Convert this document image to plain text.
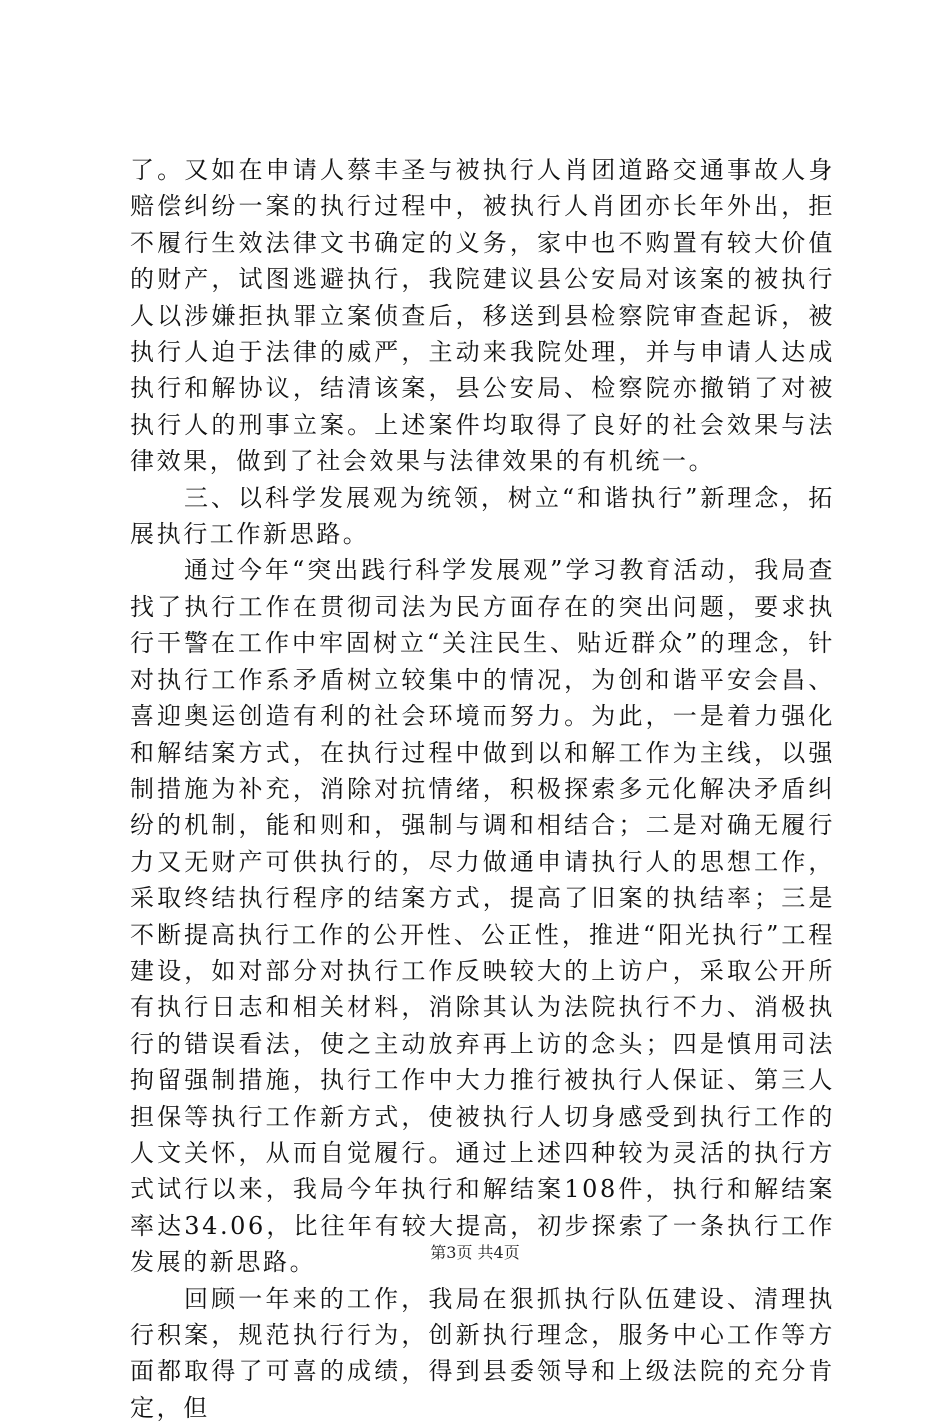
了。又如在申请人蔡丰圣与被执行人肖团道路交通事故人身赔偿纠纷一案的执行过程中，被执行人肖团亦长年外出，拒不履行生效法律文书确定的义务，家中也不购置有较大价值的财产，试图逃避执行，我院建议县公安局对该案的被执行人以涉嫌拒执罪立案侦查后，移送到县检察院审查起诉，被执行人迫于法律的威严，主动来我院处理，并与申请人达成执行和解协议，结清该案，县公安局、检察院亦撤销了对被执行人的刑事立案。上述案件均取得了良好的社会效果与法律效果，做到了社会效果与法律效果的有机统一。

三、以科学发展观为统领，树立“和谐执行”新理念，拓展执行工作新思路。

通过今年“突出践行科学发展观”学习教育活动，我局查找了执行工作在贯彻司法为民方面存在的突出问题，要求执行干警在工作中牢固树立“关注民生、贴近群众”的理念，针对执行工作系矛盾树立较集中的情况，为创和谐平安会昌、喜迎奥运创造有利的社会环境而努力。为此，一是着力强化和解结案方式，在执行过程中做到以和解工作为主线，以强制措施为补充，消除对抗情绪，积极探索多元化解决矛盾纠纷的机制，能和则和，强制与调和相结合；二是对确无履行力又无财产可供执行的，尽力做通申请执行人的思想工作，采取终结执行程序的结案方式，提高了旧案的执结率；三是不断提高执行工作的公开性、公正性，推进“阳光执行”工程建设，如对部分对执行工作反映较大的上访户，采取公开所有执行日志和相关材料，消除其认为法院执行不力、消极执行的错误看法，使之主动放弃再上访的念头；四是慎用司法拘留强制措施，执行工作中大力推行被执行人保证、第三人担保等执行工作新方式，使被执行人切身感受到执行工作的人文关怀，从而自觉履行。通过上述四种较为灵活的执行方式试行以来，我局今年执行和解结案108件，执行和解结案率达34.06，比往年有较大提高，初步探索了一条执行工作发展的新思路。

回顾一年来的工作，我局在狠抓执行队伍建设、清理执行积案，规范执行行为，创新执行理念，服务中心工作等方面都取得了可喜的成绩，得到县委领导和上级法院的充分肯定，但

第3页 共4页
